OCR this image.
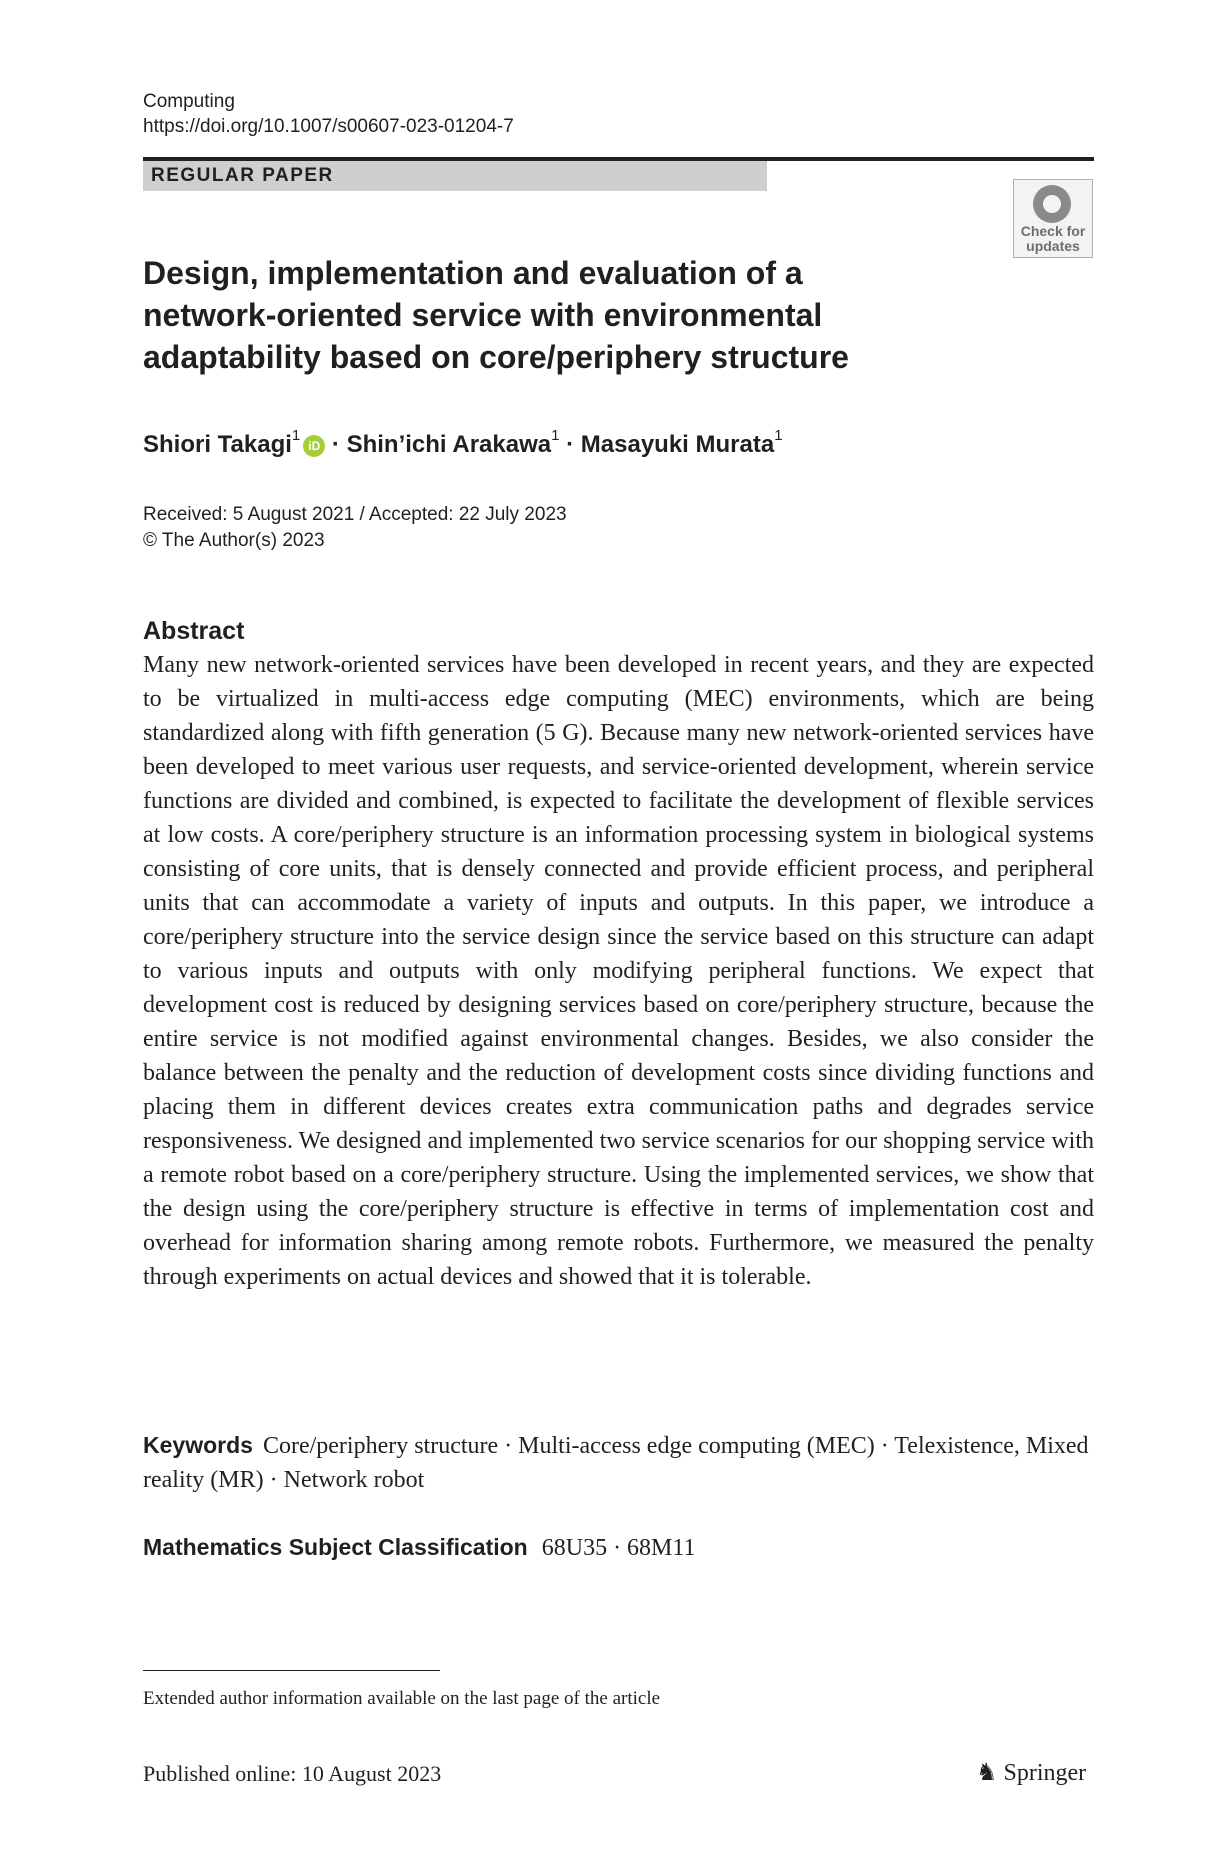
Computing
https://doi.org/10.1007/s00607-023-01204-7
REGULAR PAPER
Check for updates
Design, implementation and evaluation of a network-oriented service with environmental adaptability based on core/periphery structure
Shiori Takagi$^1$iD · Shin’ichi Arakawa$^1$ · Masayuki Murata$^1$
Received: 5 August 2021 / Accepted: 22 July 2023
© The Author(s) 2023
Abstract

Many new network-oriented services have been developed in recent years, and they are expected to be virtualized in multi-access edge computing (MEC) environments, which are being standardized along with fifth generation (5 G). Because many new network-oriented services have been developed to meet various user requests, and service-oriented development, wherein service functions are divided and combined, is expected to facilitate the development of flexible services at low costs. A core/periphery structure is an information processing system in biological systems consisting of core units, that is densely connected and provide efficient process, and peripheral units that can accommodate a variety of inputs and outputs. In this paper, we introduce a core/periphery structure into the service design since the service based on this structure can adapt to various inputs and outputs with only modifying peripheral functions. We expect that development cost is reduced by designing services based on core/periphery structure, because the entire service is not modified against environmental changes. Besides, we also consider the balance between the penalty and the reduction of development costs since dividing functions and placing them in different devices creates extra communication paths and degrades service responsiveness. We designed and implemented two service scenarios for our shopping service with a remote robot based on a core/periphery structure. Using the implemented services, we show that the design using the core/periphery structure is effective in terms of implementation cost and overhead for information sharing among remote robots. Furthermore, we measured the penalty through experiments on actual devices and showed that it is tolerable.

Keywords Core/periphery structure · Multi-access edge computing (MEC) · Telexistence, Mixed reality (MR) · Network robot

Mathematics Subject Classification 68U35 · 68M11
Extended author information available on the last page of the article
Published online: 10 August 2023	♞ Springer
